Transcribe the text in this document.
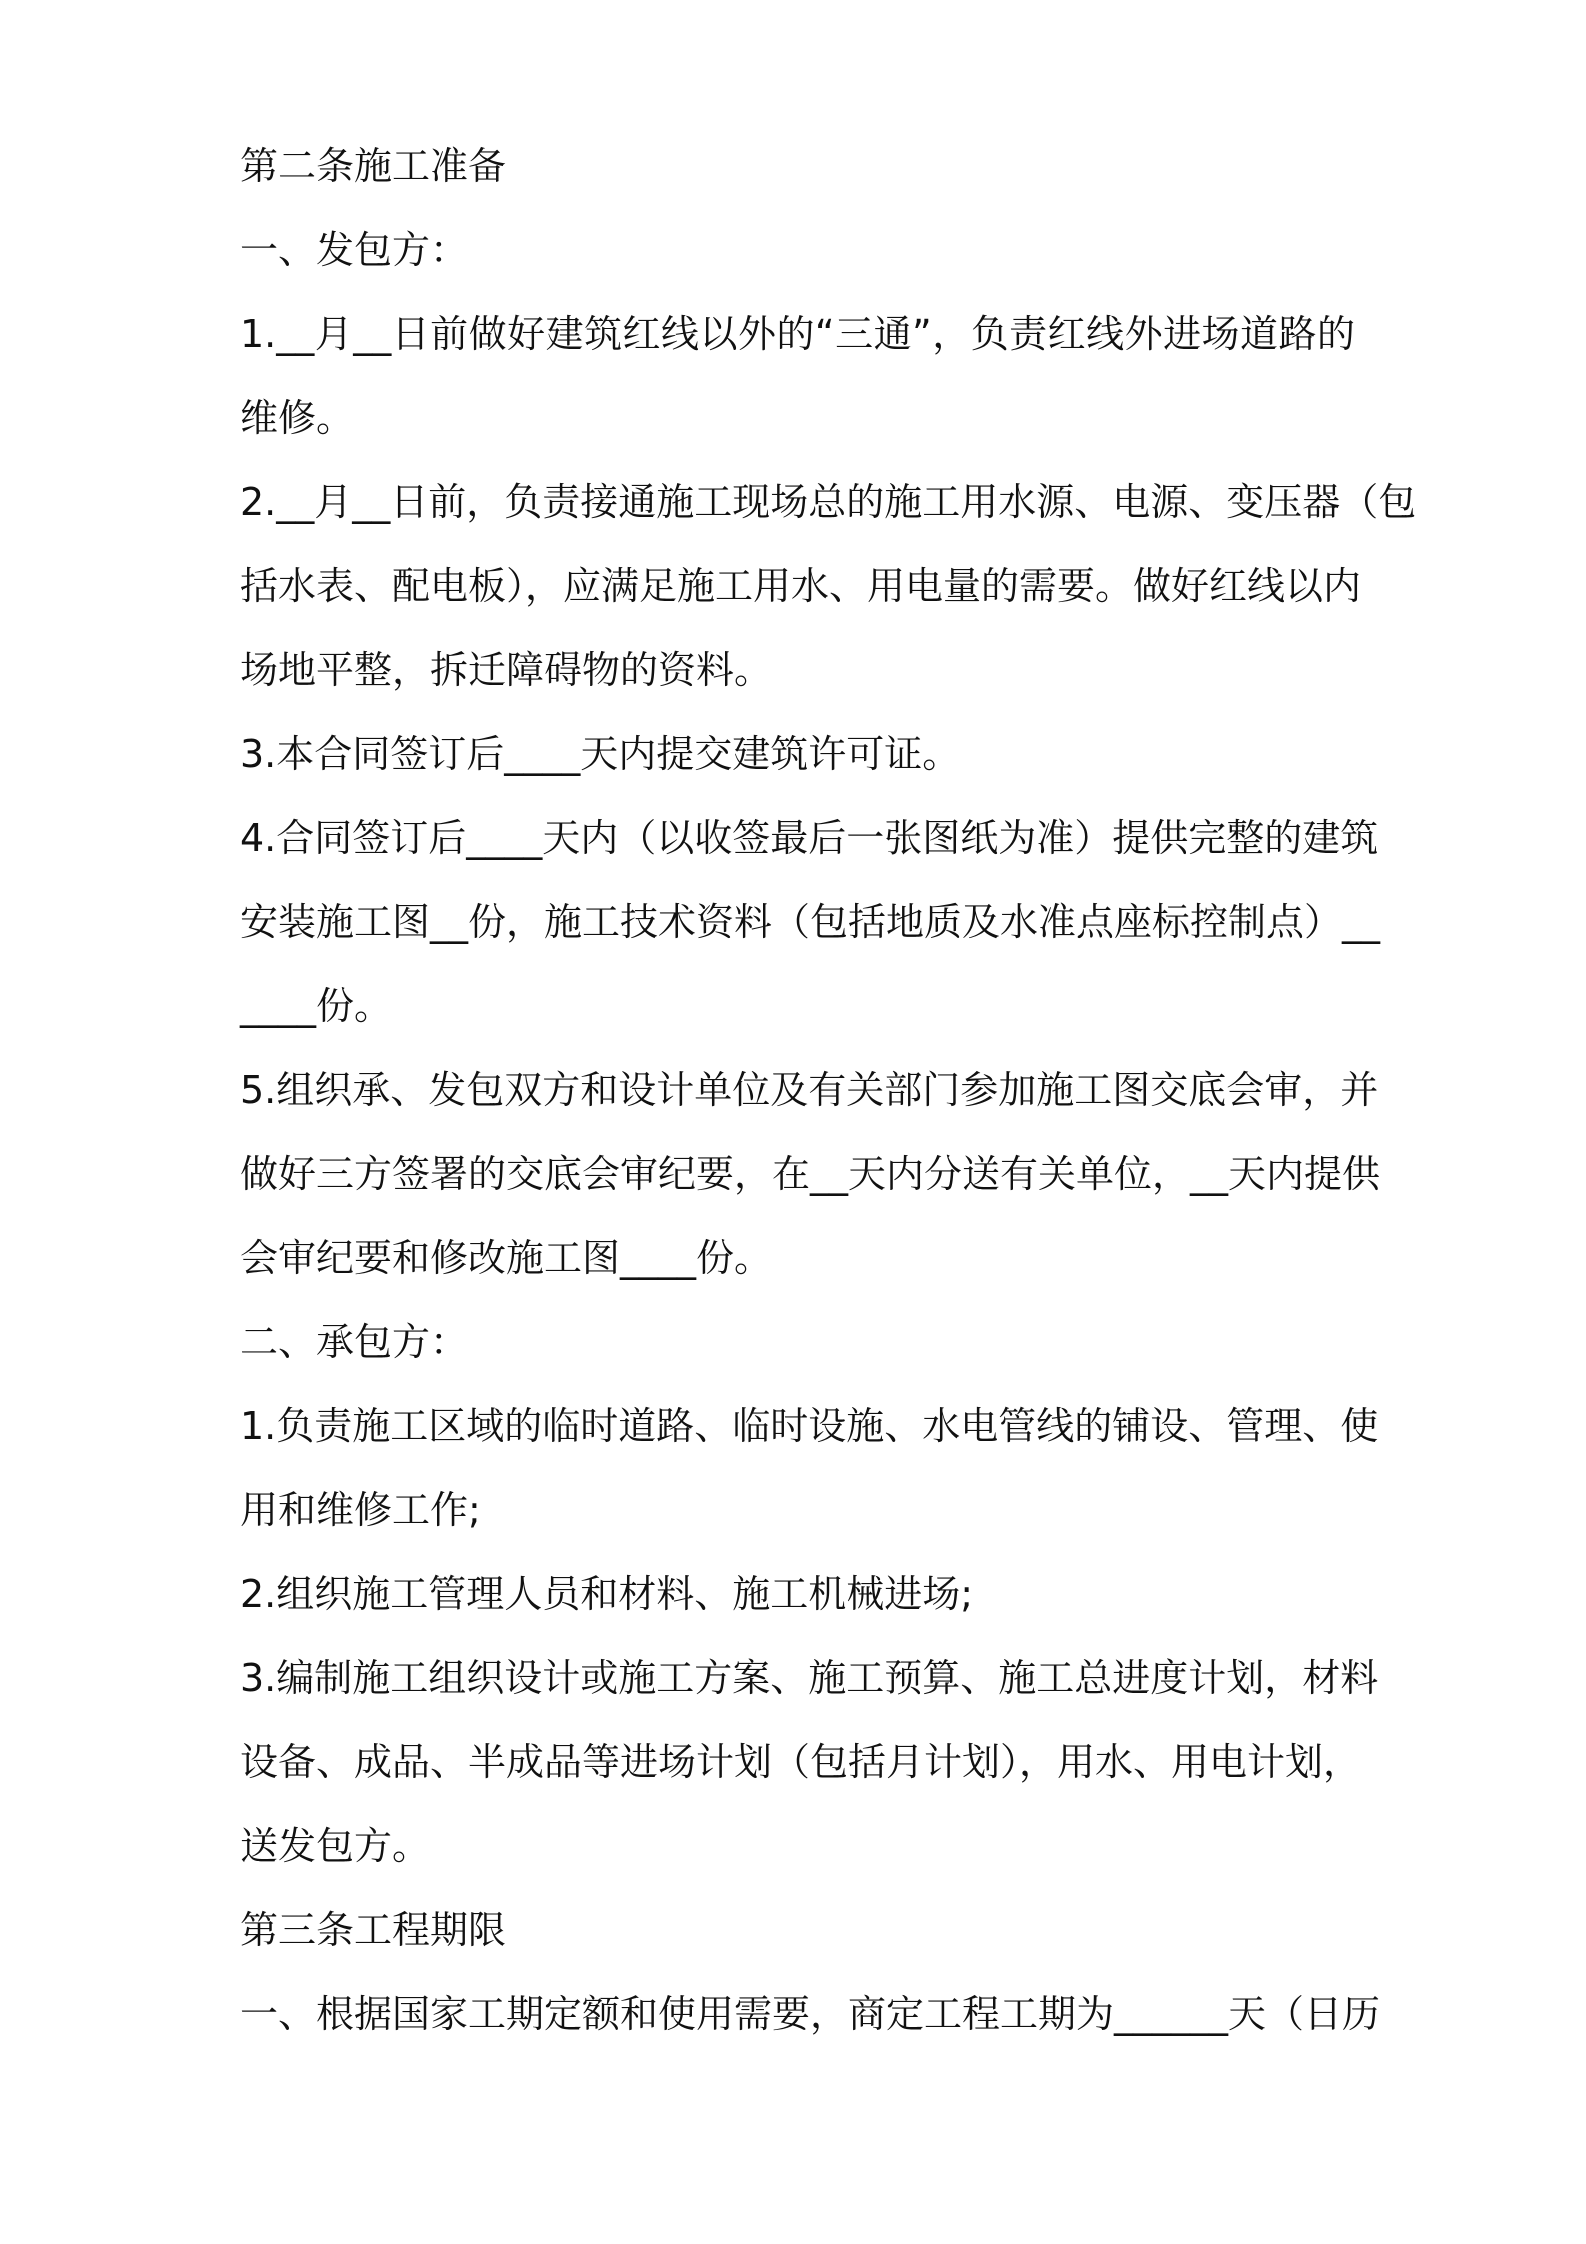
第二条施工准备
一、发包方：
1.__月__日前做好建筑红线以外的“三通”，负责红线外进场道路的
维修。
2.__月__日前，负责接通施工现场总的施工用水源、电源、变压器（包
括水表、配电板），应满足施工用水、用电量的需要。做好红线以内
场地平整，拆迁障碍物的资料。
3.本合同签订后____天内提交建筑许可证。
4.合同签订后____天内（以收签最后一张图纸为准）提供完整的建筑
安装施工图__份，施工技术资料（包括地质及水准点座标控制点）__
____份。
5.组织承、发包双方和设计单位及有关部门参加施工图交底会审，并
做好三方签署的交底会审纪要，在__天内分送有关单位，__天内提供
会审纪要和修改施工图____份。
二、承包方：
1.负责施工区域的临时道路、临时设施、水电管线的铺设、管理、使
用和维修工作;
2.组织施工管理人员和材料、施工机械进场;
3.编制施工组织设计或施工方案、施工预算、施工总进度计划，材料
设备、成品、半成品等进场计划（包括月计划），用水、用电计划，
送发包方。
第三条工程期限
一、根据国家工期定额和使用需要，商定工程工期为______天（日历
